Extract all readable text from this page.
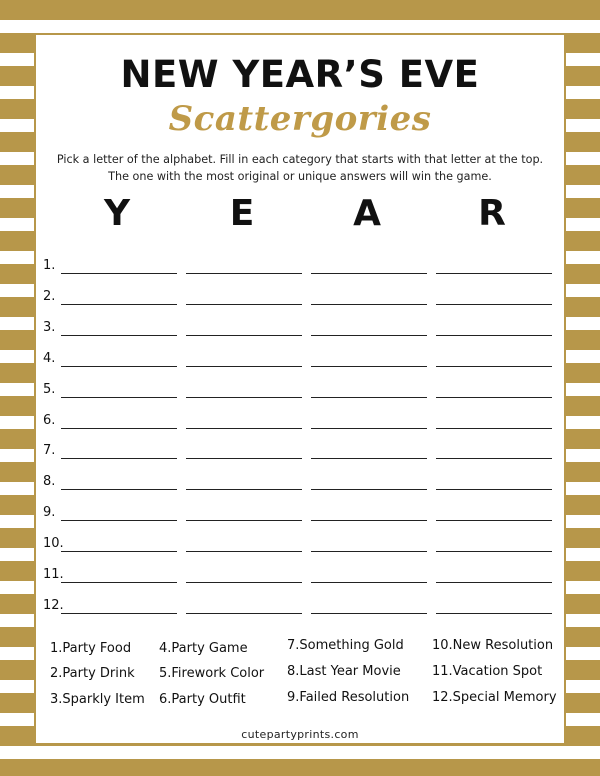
NEW YEAR’S EVE
Scattergories
Pick a letter of the alphabet. Fill in each category that starts with that letter at the top.
The one with the most original or unique answers will win the game.
Y	E	A	R
1.
2.
3.
4.
5.
6.
7.
8.
9.
10.
11.
12.
1.Party Food
2.Party Drink
3.Sparkly Item
4.Party Game
5.Firework Color
6.Party Outfit
7.Something Gold
8.Last Year Movie
9.Failed Resolution
10.New Resolution
11.Vacation Spot
12.Special Memory
cutepartyprints.com
